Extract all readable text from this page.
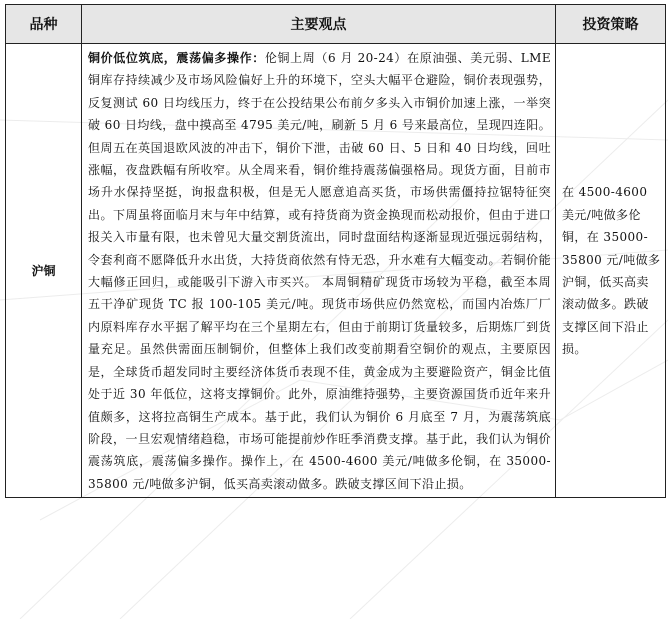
品种	主要观点	投资策略
沪铜	铜价低位筑底，震荡偏多操作：伦铜上周（6 月 20-24）在原油强、美元弱、LME 铜库存持续减少及市场风险偏好上升的环境下，空头大幅平仓避险，铜价表现强势，反复测试 60 日均线压力，终于在公投结果公布前夕多头入市铜价加速上涨，一举突破 60 日均线，盘中摸高至 4795 美元/吨，刷新 5 月 6 号来最高位，呈现四连阳。但周五在英国退欧风波的冲击下，铜价下泄，击破 60 日、5 日和 40 日均线，回吐涨幅，夜盘跌幅有所收窄。从全周来看，铜价维持震荡偏强格局。现货方面，目前市场升水保持坚挺，询报盘积极，但是无人愿意追高买货，市场供需僵持拉锯特征突出。下周虽将面临月末与年中结算，或有持货商为资金换现而松动报价，但由于进口报关入市量有限，也未曾见大量交割货流出，同时盘面结构逐渐显现近强远弱结构，令套利商不愿降低升水出货，大持货商依然有恃无恐，升水难有大幅变动。若铜价能大幅修正回归，或能吸引下游入市买兴。 本周铜精矿现货市场较为平稳，截至本周五干净矿现货 TC 报 100-105 美元/吨。现货市场供应仍然宽松，而国内冶炼厂厂内原料库存水平据了解平均在三个星期左右，但由于前期订货量较多，后期炼厂到货量充足。虽然供需面压制铜价，但整体上我们改变前期看空铜价的观点，主要原因是，全球货币超发同时主要经济体货币表现不佳，黄金成为主要避险资产，铜金比值处于近 30 年低位，这将支撑铜价。此外，原油维持强势，主要资源国货币近年来升值颇多，这将拉高铜生产成本。基于此，我们认为铜价 6 月底至 7 月，为震荡筑底阶段，一旦宏观情绪趋稳，市场可能提前炒作旺季消费支撑。基于此，我们认为铜价震荡筑底，震荡偏多操作。操作上，在 4500-4600 美元/吨做多伦铜，在 35000-35800 元/吨做多沪铜，低买高卖滚动做多。跌破支撑区间下沿止损。	在 4500-4600 美元/吨做多伦铜，在 35000-35800 元/吨做多沪铜，低买高卖滚动做多。跌破支撑区间下沿止损。
